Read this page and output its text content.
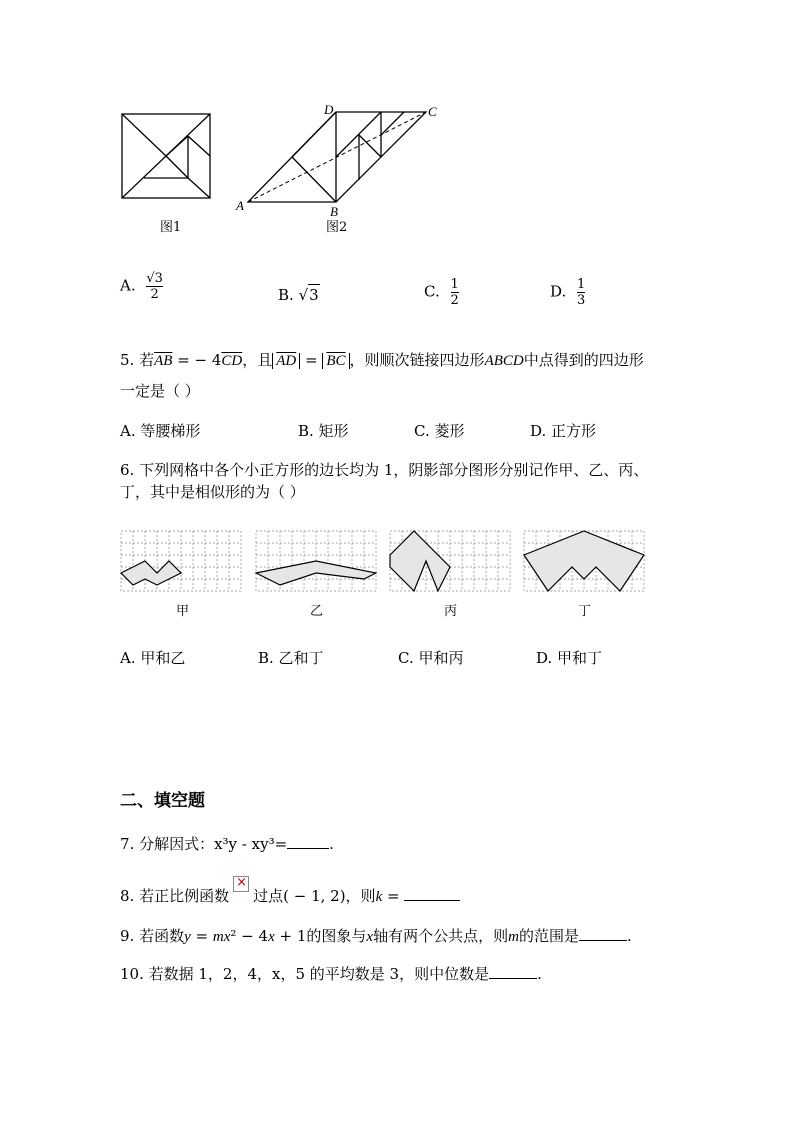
图1
A	B
C
D
图2
A. $\frac{√3}{2}$	B. √ 3	C. $\frac{1}{2}$	D. $\frac{1}{3}$
5. 若$\overline{AB}$ = − $4\overline{CD}$，且 $\overline{AD} = \overline{BC}$ ，则顺次链接四边形ABCD中点得到的四边形
一定是（ ）
A. 等腰梯形	B. 矩形	C. 菱形	D. 正方形
6. 下列网格中各个小正方形的边长均为 1，阴影部分图形分别记作甲、乙、丙、
丁，其中是相似形的为（ ）
甲	乙	丙	丁
A. 甲和乙	B. 乙和丁	C. 甲和丙	D. 甲和丁
二、填空题
7. 分解因式：x³y - xy³=	.
8. 若正比例函数× 过点( − 1, 2)，则k =
9. 若函数y = mx² − 4x + 1的图象与x轴有两个公共点，则m的范围是	.
10. 若数据 1，2，4，x，5 的平均数是 3，则中位数是	.
